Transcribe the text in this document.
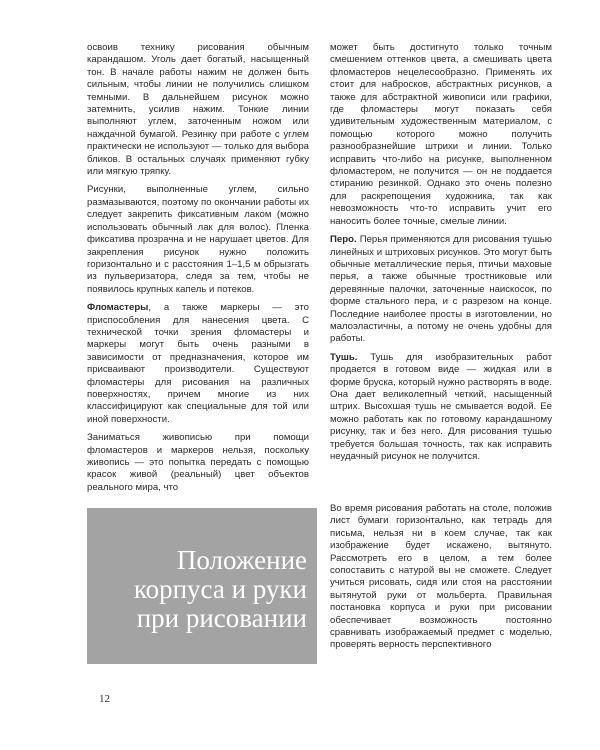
освоив технику рисования обычным карандашом. Уголь дает богатый, насыщенный тон. В начале работы нажим не должен быть сильным, чтобы линии не получились слишком темными. В дальнейшем рисунок можно затемнить, усилив нажим. Тонкие линии выполняют углем, заточенным ножом или наждачной бумагой. Резинку при работе с углем практически не используют — только для выбора бликов. В остальных случаях применяют губку или мягкую тряпку.

Рисунки, выполненные углем, сильно размазываются, поэтому по окончании работы их следует закрепить фиксативным лаком (можно использовать обычный лак для волос). Пленка фиксатива прозрачна и не нарушает цветов. Для закрепления рисунок нужно положить горизонтально и с расстояния 1–1,5 м обрызгать из пульверизатора, следя за тем, чтобы не появилось крупных капель и потеков.

Фломастеры, а также маркеры — это приспособления для нанесения цвета. С технической точки зрения фломастеры и маркеры могут быть очень разными в зависимости от предназначения, которое им присваивают производители. Существуют фломастеры для рисования на различных поверхностях, причем многие из них классифицируют как специальные для той или иной поверхности.

Заниматься живописью при помощи фломастеров и маркеров нельзя, поскольку живопись — это попытка передать с помощью красок живой (реальный) цвет объектов реального мира, что

может быть достигнуто только точным смешением оттенков цвета, а смешивать цвета фломастеров нецелесообразно. Применять их стоит для набросков, абстрактных рисунков, а также для абстрактной живописи или графики, где фломастеры могут показать себя удивительным художественным материалом, с помощью которого можно получить разнообразнейшие штрихи и линии. Только исправить что-либо на рисунке, выполненном фломастером, не получится — он не поддается стиранию резинкой. Однако это очень полезно для раскрепощения художника, так как невозможность что-то исправить учит его наносить более точные, смелые линии.

Перо. Перья применяются для рисования тушью линейных и штриховых рисунков. Это могут быть обычные металлические перья, птичьи маховые перья, а также обычные тростниковые или деревянные палочки, заточенные наискосок, по форме стального пера, и с разрезом на конце. Последние наиболее просты в изготовлении, но малоэластичны, а потому не очень удобны для работы.

Тушь. Тушь для изобразительных работ продается в готовом виде — жидкая или в форме бруска, который нужно растворять в воде. Она дает великолепный четкий, насыщенный штрих. Высохшая тушь не смывается водой. Ее можно работать как по готовому карандашному рисунку, так и без него. Для рисования тушью требуется большая точность, так как исправить неудачный рисунок не получится.

Положение
корпуса и руки
при рисовании

Во время рисования работать на столе, положив лист бумаги горизонтально, как тетрадь для письма, нельзя ни в коем случае, так как изображение будет искажено, вытянуто. Рассмотреть его в целом, а тем более сопоставить с натурой вы не сможете. Следует учиться рисовать, сидя или стоя на расстоянии вытянутой руки от мольберта. Правильная постановка корпуса и руки при рисовании обеспечивает возможность постоянно сравнивать изображаемый предмет с моделью, проверять верность перспективного

12
